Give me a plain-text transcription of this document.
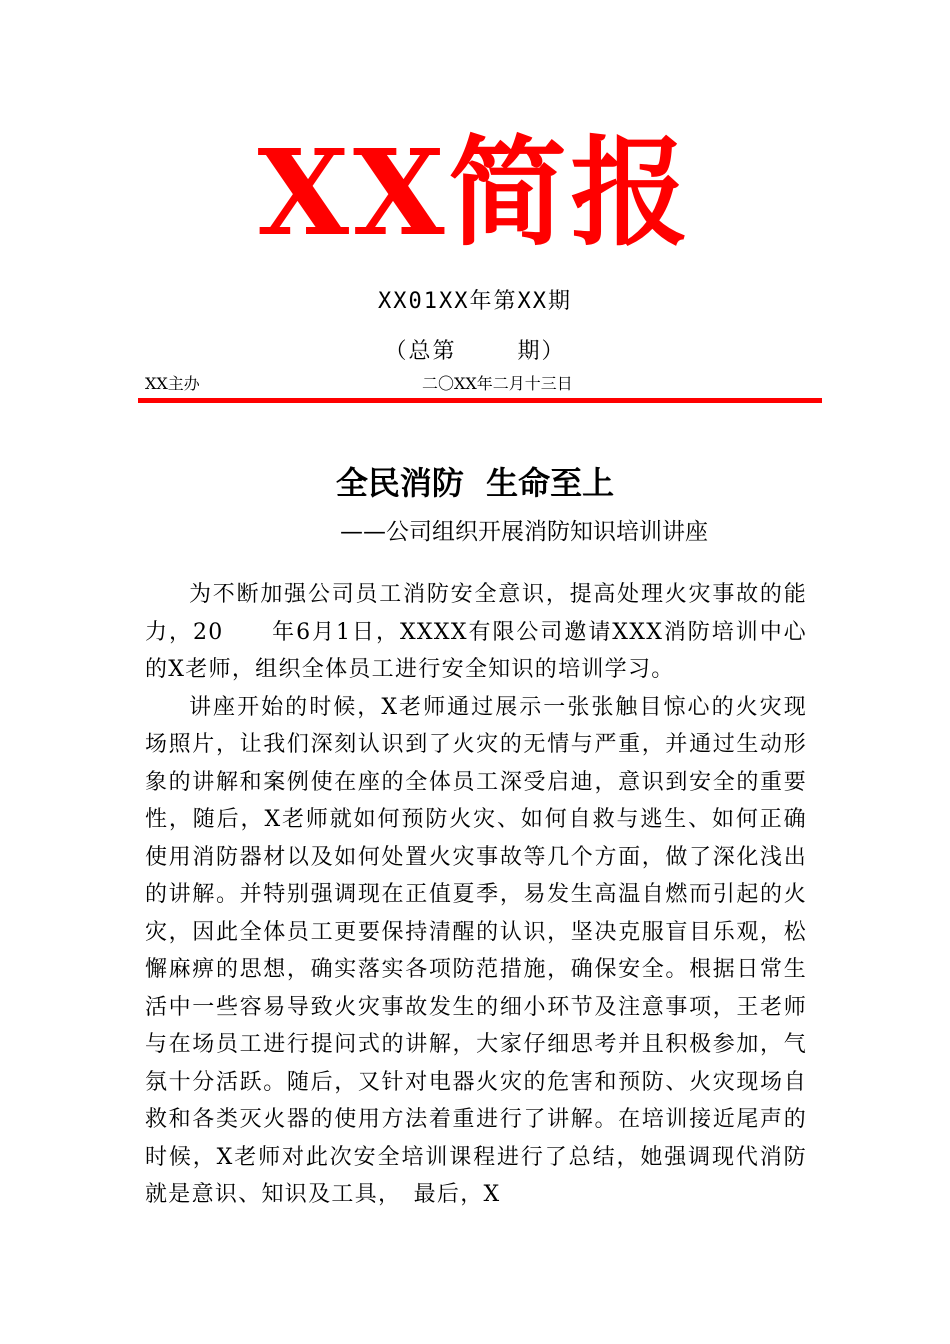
XX简报
XX01XX年第XX期
（总第    期）
XX主办	二〇XX年二月十三日
全民消防  生命至上
——公司组织开展消防知识培训讲座

为不断加强公司员工消防安全意识，提高处理火灾事故的能力，20　　年6月1日，XXXX有限公司邀请XXX消防培训中心的X老师，组织全体员工进行安全知识的培训学习。

讲座开始的时候，X老师通过展示一张张触目惊心的火灾现场照片，让我们深刻认识到了火灾的无情与严重，并通过生动形象的讲解和案例使在座的全体员工深受启迪，意识到安全的重要性，随后，X老师就如何预防火灾、如何自救与逃生、如何正确使用消防器材以及如何处置火灾事故等几个方面，做了深化浅出的讲解。并特别强调现在正值夏季，易发生高温自燃而引起的火灾，因此全体员工更要保持清醒的认识，坚决克服盲目乐观，松懈麻痹的思想，确实落实各项防范措施，确保安全。根据日常生活中一些容易导致火灾事故发生的细小环节及注意事项，王老师与在场员工进行提问式的讲解，大家仔细思考并且积极参加，气氛十分活跃。随后，又针对电器火灾的危害和预防、火灾现场自救和各类灭火器的使用方法着重进行了讲解。在培训接近尾声的时候，X老师对此次安全培训课程进行了总结，她强调现代消防就是意识、知识及工具，　最后，X
